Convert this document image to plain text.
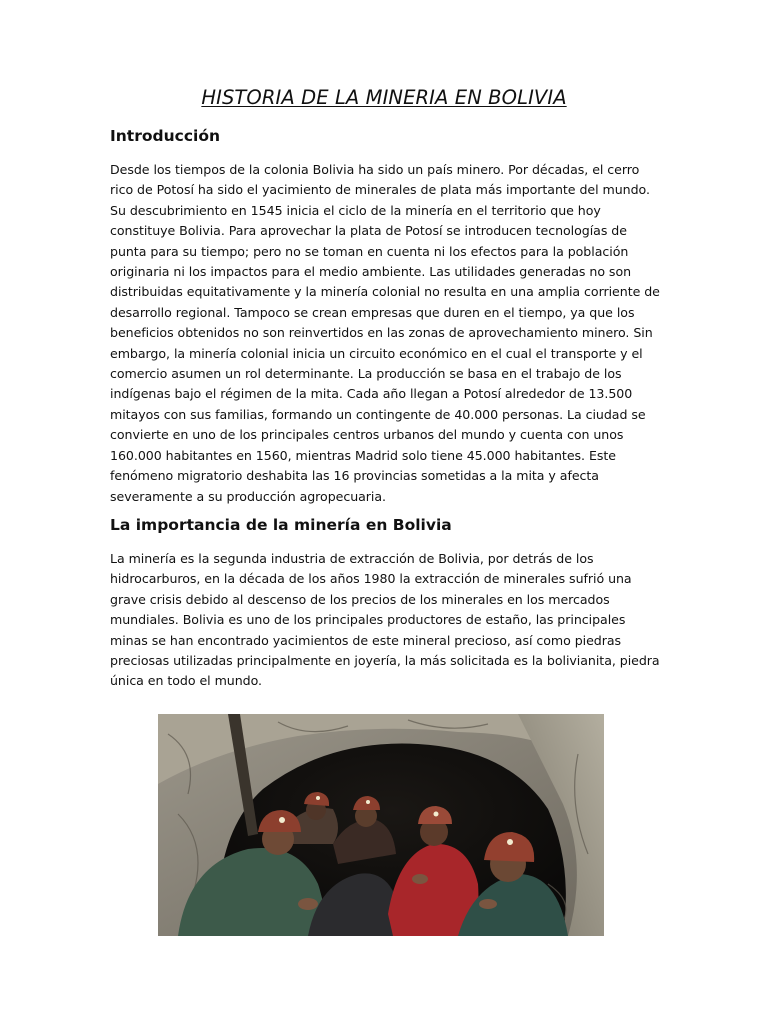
HISTORIA DE LA MINERIA EN BOLIVIA
Introducción
Desde los tiempos de la colonia Bolivia ha sido un país minero. Por décadas, el cerro rico de Potosí ha sido el yacimiento de minerales de plata más importante del mundo. Su descubrimiento en 1545 inicia el ciclo de la minería en el territorio que hoy constituye Bolivia. Para aprovechar la plata de Potosí se introducen tecnologías de punta para su tiempo; pero no se toman en cuenta ni los efectos para la población originaria ni los impactos para el medio ambiente. Las utilidades generadas no son distribuidas equitativamente y la minería colonial no resulta en una amplia corriente de desarrollo regional. Tampoco se crean empresas que duren en el tiempo, ya que los beneficios obtenidos no son reinvertidos en las zonas de aprovechamiento minero. Sin embargo, la minería colonial inicia un circuito económico en el cual el transporte y el comercio asumen un rol determinante. La producción se basa en el trabajo de los indígenas bajo el régimen de la mita. Cada año llegan a Potosí alrededor de 13.500 mitayos con sus familias, formando un contingente de 40.000 personas. La ciudad se convierte en uno de los principales centros urbanos del mundo y cuenta con unos 160.000 habitantes en 1560, mientras Madrid solo tiene 45.000 habitantes. Este fenómeno migratorio deshabita las 16 provincias sometidas a la mita y afecta severamente a su producción agropecuaria.
La importancia de la minería en Bolivia
La minería es la segunda industria de extracción de Bolivia, por detrás de los hidrocarburos, en la década de los años 1980 la extracción de minerales sufrió una grave crisis debido al descenso de los precios de los minerales en los mercados mundiales. Bolivia es uno de los principales productores de estaño, las principales minas se han encontrado yacimientos de este mineral precioso, así como piedras preciosas utilizadas principalmente en joyería, la más solicitada es la bolivianita, piedra única en todo el mundo.
